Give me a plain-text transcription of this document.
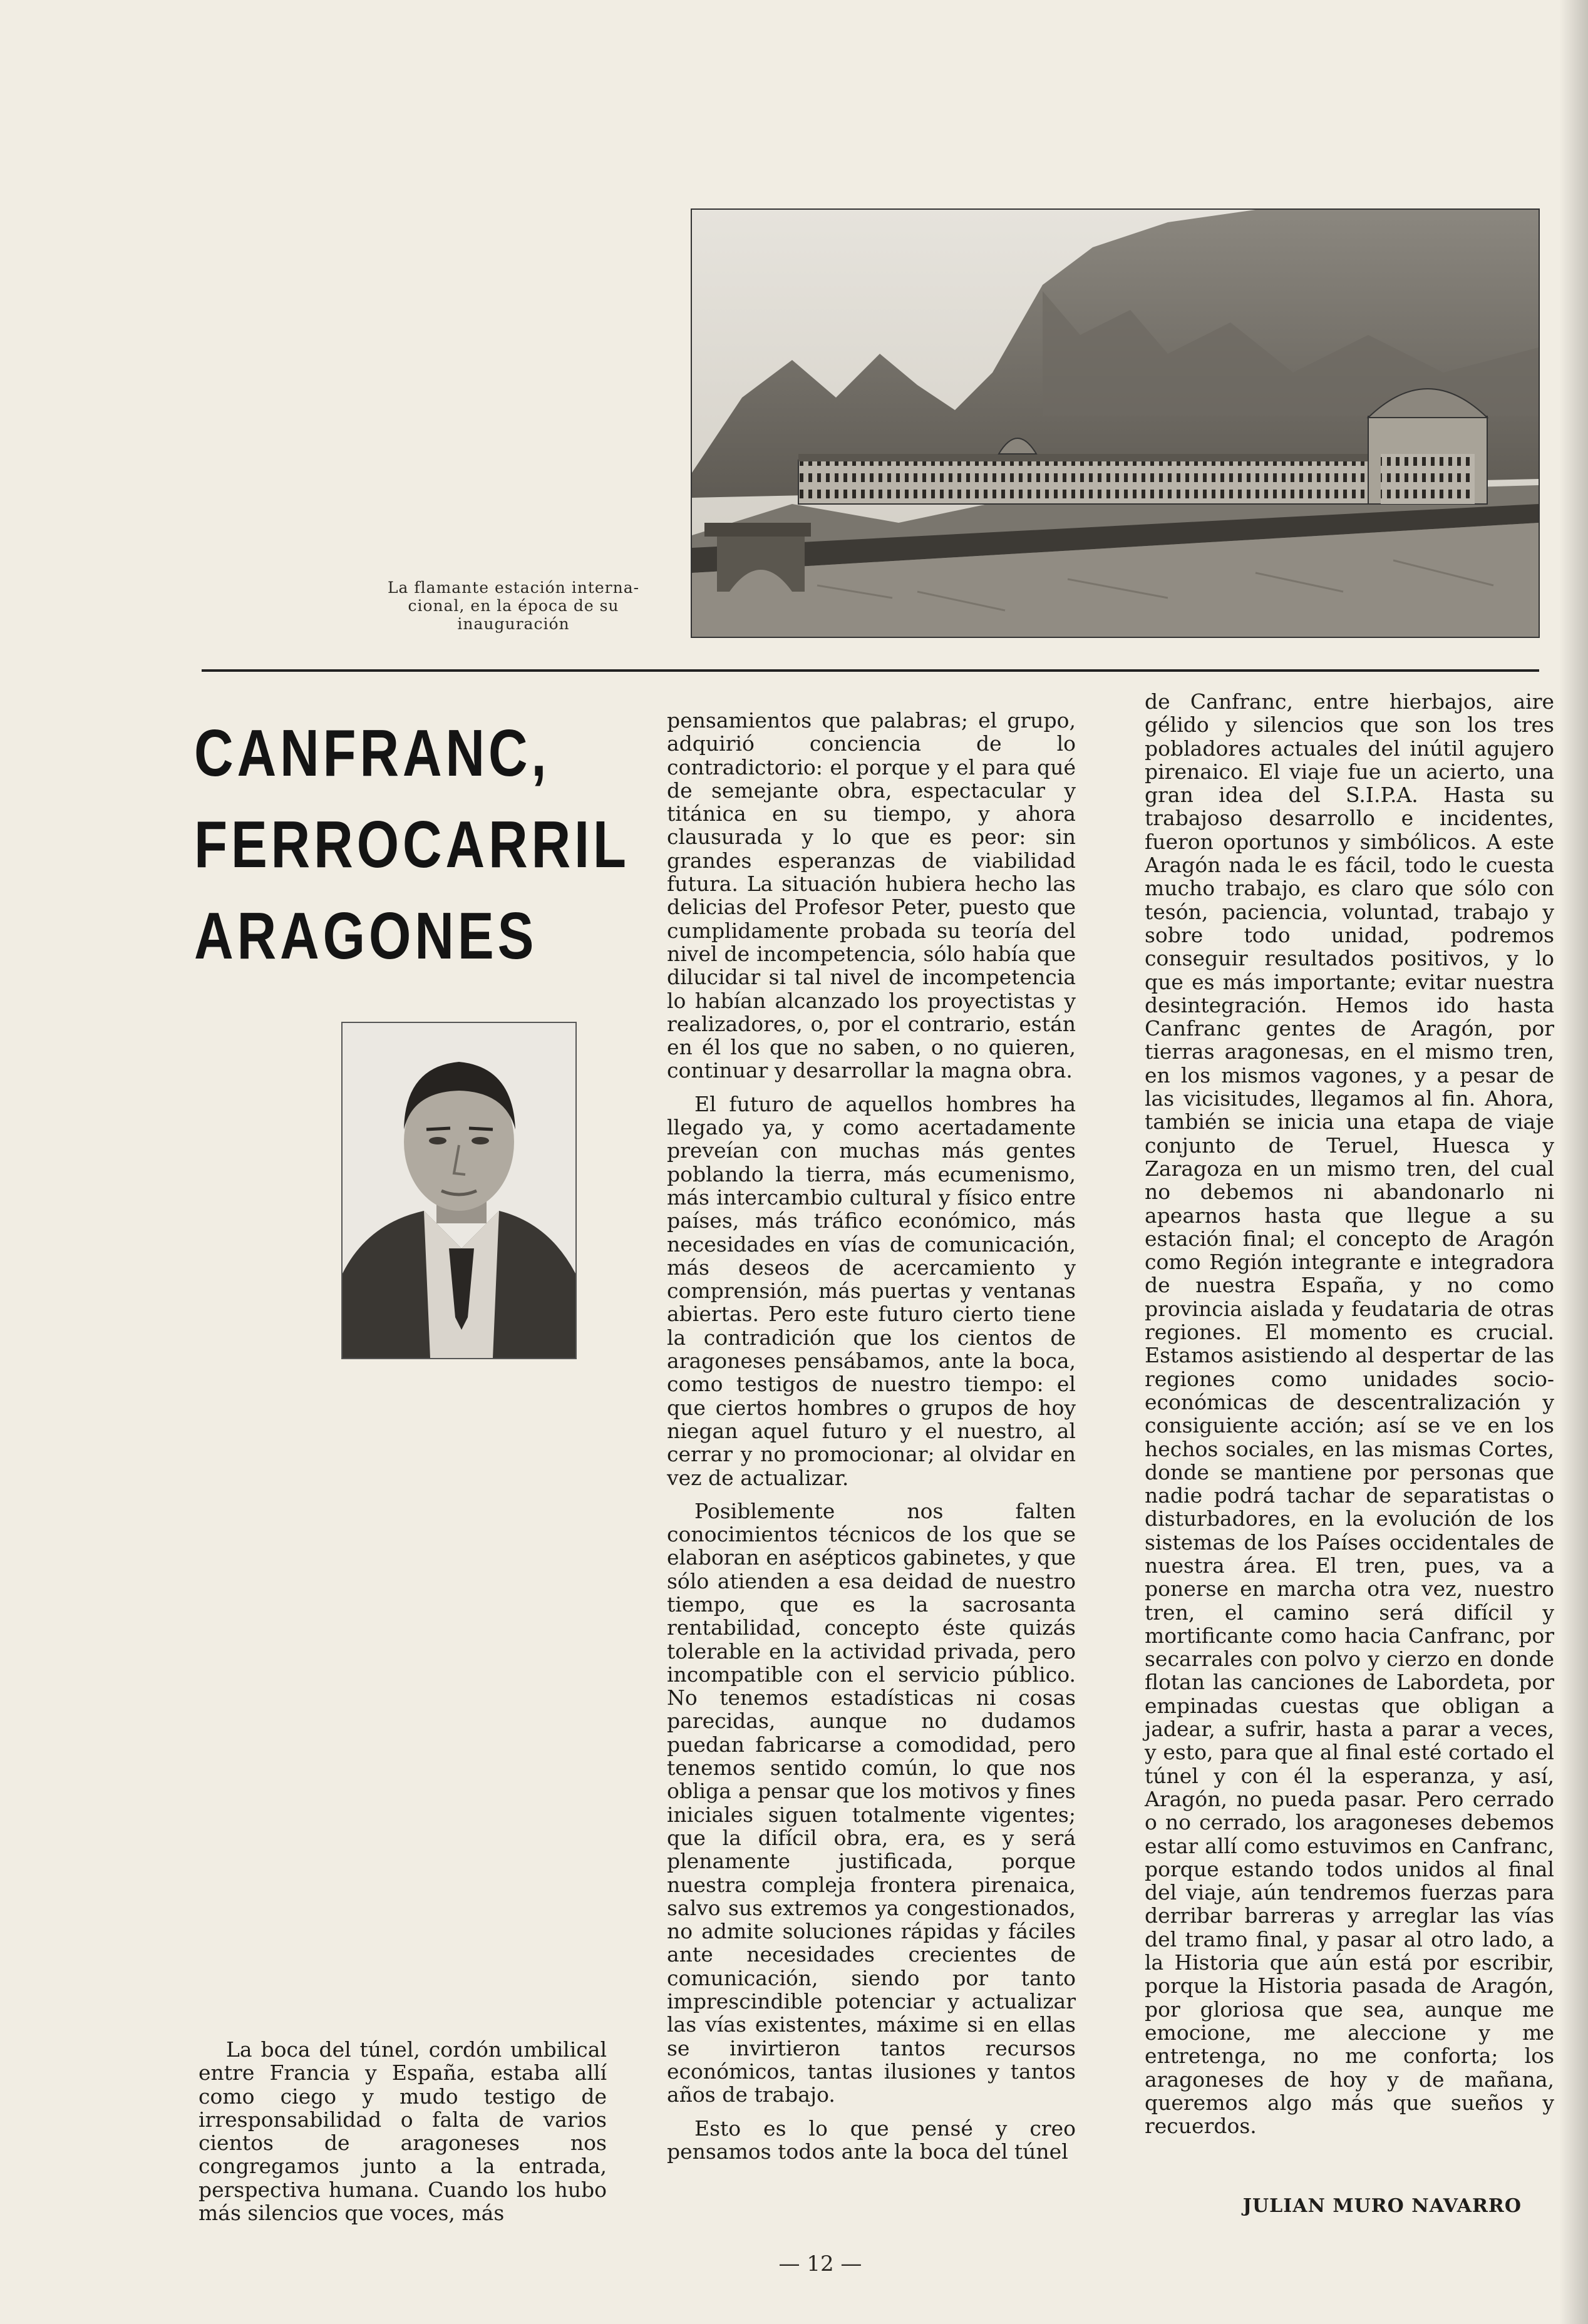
La flamante estación interna-
cional, en la época de su
inauguración
CANFRANC,
FERROCARRIL
ARAGONES

La boca del túnel, cordón umbilical entre Francia y España, estaba allí como ciego y mudo testigo de irresponsabilidad o falta de varios cientos de aragoneses nos congregamos junto a la entrada, perspectiva humana. Cuando los hubo más silencios que voces, más

pensamientos que palabras; el grupo, adquirió conciencia de lo contradictorio: el porque y el para qué de semejante obra, espectacular y titánica en su tiempo, y ahora clausurada y lo que es peor: sin grandes esperanzas de viabilidad futura. La situación hubiera hecho las delicias del Profesor Peter, puesto que cumplidamente probada su teoría del nivel de incompetencia, sólo había que dilucidar si tal nivel de incompetencia lo habían alcanzado los proyectistas y realizadores, o, por el contrario, están en él los que no saben, o no quieren, continuar y desarrollar la magna obra.

El futuro de aquellos hombres ha llegado ya, y como acertadamente preveían con muchas más gentes poblando la tierra, más ecumenismo, más intercambio cultural y físico entre países, más tráfico económico, más necesidades en vías de comunicación, más deseos de acercamiento y comprensión, más puertas y ventanas abiertas. Pero este futuro cierto tiene la contradición que los cientos de aragoneses pensábamos, ante la boca, como testigos de nuestro tiempo: el que ciertos hombres o grupos de hoy niegan aquel futuro y el nuestro, al cerrar y no promocionar; al olvidar en vez de actualizar.

Posiblemente nos falten conocimientos técnicos de los que se elaboran en asépticos gabinetes, y que sólo atienden a esa deidad de nuestro tiempo, que es la sacrosanta rentabilidad, concepto éste quizás tolerable en la actividad privada, pero incompatible con el servicio público. No tenemos estadísticas ni cosas parecidas, aunque no dudamos puedan fabricarse a comodidad, pero tenemos sentido común, lo que nos obliga a pensar que los motivos y fines iniciales siguen totalmente vigentes; que la difícil obra, era, es y será plenamente justificada, porque nuestra compleja frontera pirenaica, salvo sus extremos ya congestionados, no admite soluciones rápidas y fáciles ante necesidades crecientes de comunicación, siendo por tanto imprescindible potenciar y actualizar las vías existentes, máxime si en ellas se invirtieron tantos recursos económicos, tantas ilusiones y tantos años de trabajo.

Esto es lo que pensé y creo pensamos todos ante la boca del túnel

de Canfranc, entre hierbajos, aire gélido y silencios que son los tres pobladores actuales del inútil agujero pirenaico. El viaje fue un acierto, una gran idea del S.I.P.A. Hasta su trabajoso desarrollo e incidentes, fueron oportunos y simbólicos. A este Aragón nada le es fácil, todo le cuesta mucho trabajo, es claro que sólo con tesón, paciencia, voluntad, trabajo y sobre todo unidad, podremos conseguir resultados positivos, y lo que es más importante; evitar nuestra desintegración. Hemos ido hasta Canfranc gentes de Aragón, por tierras aragonesas, en el mismo tren, en los mismos vagones, y a pesar de las vicisitudes, llegamos al fin. Ahora, también se inicia una etapa de viaje conjunto de Teruel, Huesca y Zaragoza en un mismo tren, del cual no debemos ni abandonarlo ni apearnos hasta que llegue a su estación final; el concepto de Aragón como Región integrante e integradora de nuestra España, y no como provincia aislada y feudataria de otras regiones. El momento es crucial. Estamos asistiendo al despertar de las regiones como unidades socio-económicas de descentralización y consiguiente acción; así se ve en los hechos sociales, en las mismas Cortes, donde se mantiene por personas que nadie podrá tachar de separatistas o disturbadores, en la evolución de los sistemas de los Países occidentales de nuestra área. El tren, pues, va a ponerse en marcha otra vez, nuestro tren, el camino será difícil y mortificante como hacia Canfranc, por secarrales con polvo y cierzo en donde flotan las canciones de Labordeta, por empinadas cuestas que obligan a jadear, a sufrir, hasta a parar a veces, y esto, para que al final esté cortado el túnel y con él la esperanza, y así, Aragón, no pueda pasar. Pero cerrado o no cerrado, los aragoneses debemos estar allí como estuvimos en Canfranc, porque estando todos unidos al final del viaje, aún tendremos fuerzas para derribar barreras y arreglar las vías del tramo final, y pasar al otro lado, a la Historia que aún está por escribir, porque la Historia pasada de Aragón, por gloriosa que sea, aunque me emocione, me aleccione y me entretenga, no me conforta; los aragoneses de hoy y de mañana, queremos algo más que sueños y recuerdos.

JULIAN MURO NAVARRO
— 12 —
